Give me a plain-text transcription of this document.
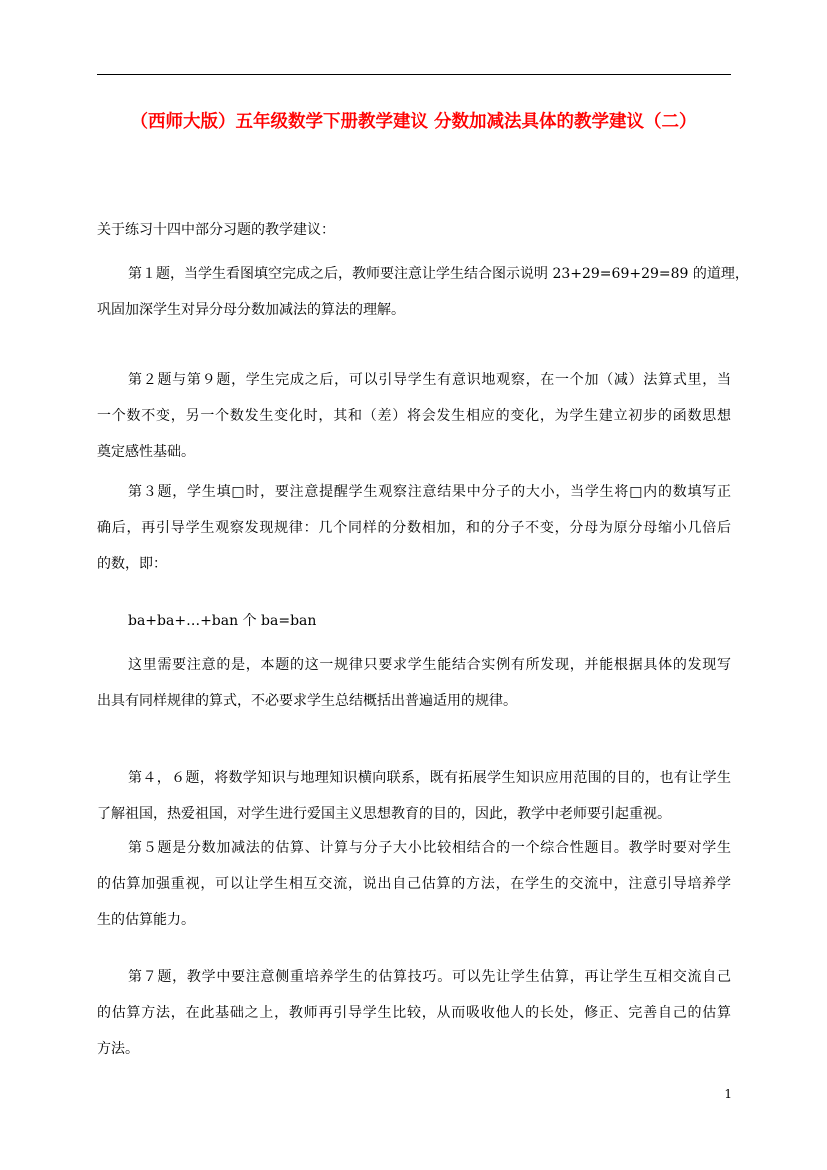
（西师大版）五年级数学下册教学建议 分数加减法具体的教学建议（二）

关于练习十四中部分习题的教学建议：

第１题，当学生看图填空完成之后，教师要注意让学生结合图示说明 23+29=69+29=89 的道理，
巩固加深学生对异分母分数加减法的算法的理解。

第２题与第９题，学生完成之后，可以引导学生有意识地观察，在一个加（减）法算式里，当
一个数不变，另一个数发生变化时，其和（差）将会发生相应的变化，为学生建立初步的函数思想
奠定感性基础。

第３题，学生填□时，要注意提醒学生观察注意结果中分子的大小，当学生将□内的数填写正
确后，再引导学生观察发现规律：几个同样的分数相加，和的分子不变，分母为原分母缩小几倍后
的数，即：

ba+ba+…+ban 个 ba=ban

这里需要注意的是，本题的这一规律只要求学生能结合实例有所发现，并能根据具体的发现写
出具有同样规律的算式，不必要求学生总结概括出普遍适用的规律。

第４，６题，将数学知识与地理知识横向联系，既有拓展学生知识应用范围的目的，也有让学生
了解祖国，热爱祖国，对学生进行爱国主义思想教育的目的，因此，教学中老师要引起重视。

第５题是分数加减法的估算、计算与分子大小比较相结合的一个综合性题目。教学时要对学生
的估算加强重视，可以让学生相互交流，说出自己估算的方法，在学生的交流中，注意引导培养学
生的估算能力。

第７题，教学中要注意侧重培养学生的估算技巧。可以先让学生估算，再让学生互相交流自己
的估算方法，在此基础之上，教师再引导学生比较，从而吸收他人的长处，修正、完善自己的估算
方法。

1
